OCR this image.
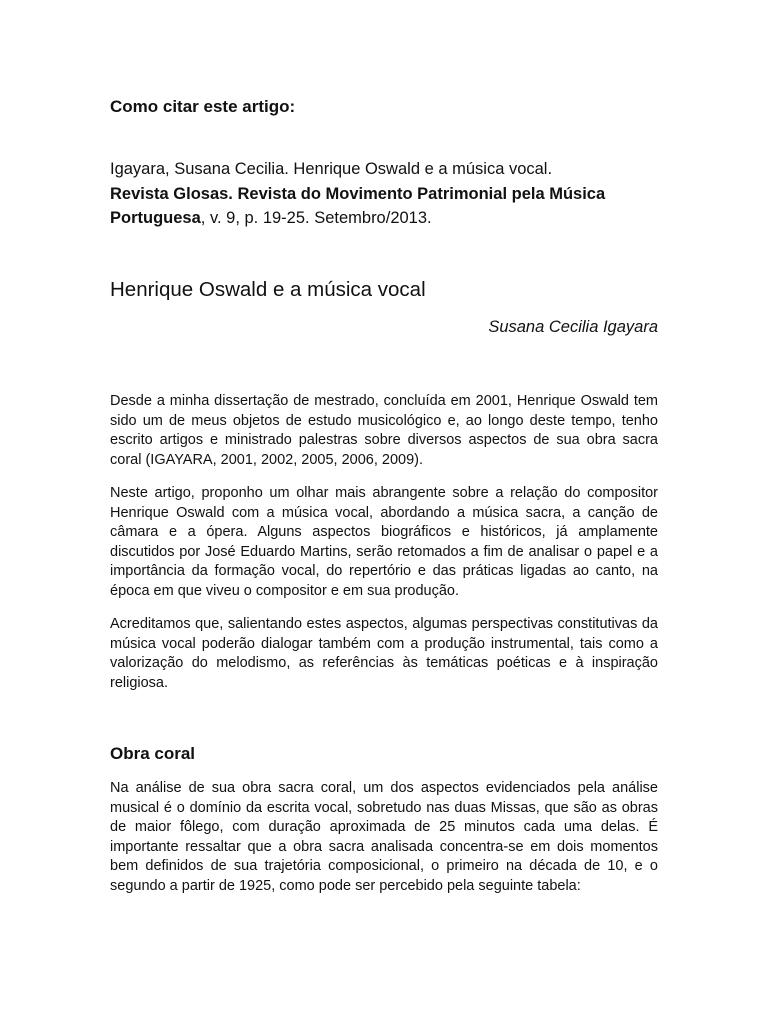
Como citar este artigo:

Igayara, Susana Cecilia. Henrique Oswald e a música vocal.
Revista Glosas. Revista do Movimento Patrimonial pela Música Portuguesa, v. 9, p. 19-25. Setembro/2013.

Henrique Oswald e a música vocal

Susana Cecilia Igayara

Desde a minha dissertação de mestrado, concluída em 2001, Henrique Oswald tem sido um de meus objetos de estudo musicológico e, ao longo deste tempo, tenho escrito artigos e ministrado palestras sobre diversos aspectos de sua obra sacra coral (IGAYARA, 2001, 2002, 2005, 2006, 2009).

Neste artigo, proponho um olhar mais abrangente sobre a relação do compositor Henrique Oswald com a música vocal, abordando a música sacra, a canção de câmara e a ópera. Alguns aspectos biográficos e históricos, já amplamente discutidos por José Eduardo Martins, serão retomados a fim de analisar o papel e a importância da formação vocal, do repertório e das práticas ligadas ao canto, na época em que viveu o compositor e em sua produção.

Acreditamos que, salientando estes aspectos, algumas perspectivas constitutivas da música vocal poderão dialogar também com a produção instrumental, tais como a valorização do melodismo, as referências às temáticas poéticas e à inspiração religiosa.

Obra coral

Na análise de sua obra sacra coral, um dos aspectos evidenciados pela análise musical é o domínio da escrita vocal, sobretudo nas duas Missas, que são as obras de maior fôlego, com duração aproximada de 25 minutos cada uma delas. É importante ressaltar que a obra sacra analisada concentra-se em dois momentos bem definidos de sua trajetória composicional, o primeiro na década de 10, e o segundo a partir de 1925, como pode ser percebido pela seguinte tabela:
